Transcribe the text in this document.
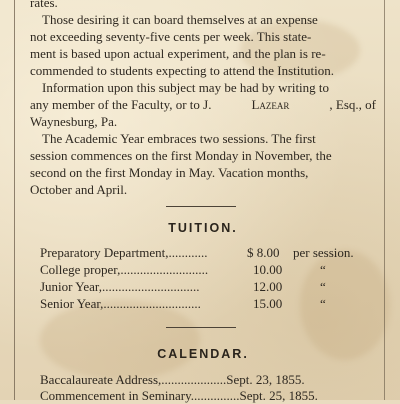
rates.
Those desiring it can board themselves at an expense
not exceeding seventy-five cents per week. This state-
ment is based upon actual experiment, and the plan is re-
commended to students expecting to attend the Institution.
Information upon this subject may be had by writing to
any member of the Faculty, or to J.	Lazear	, Esq., of
Waynesburg, Pa.
The Academic Year embraces two sessions. The first
session commences on the first Monday in November, the
second on the first Monday in May. Vacation months,
October and April.
TUITION.
Preparatory Department,............	$ 8.00	per session.
College proper,...........................	10.00	“
Junior Year,..............................	12.00	“
Senior Year,..............................	15.00	“
CALENDAR.
Baccalaureate Address,....................Sept. 23, 1855.
Commencement in Seminary...............Sept. 25, 1855.
